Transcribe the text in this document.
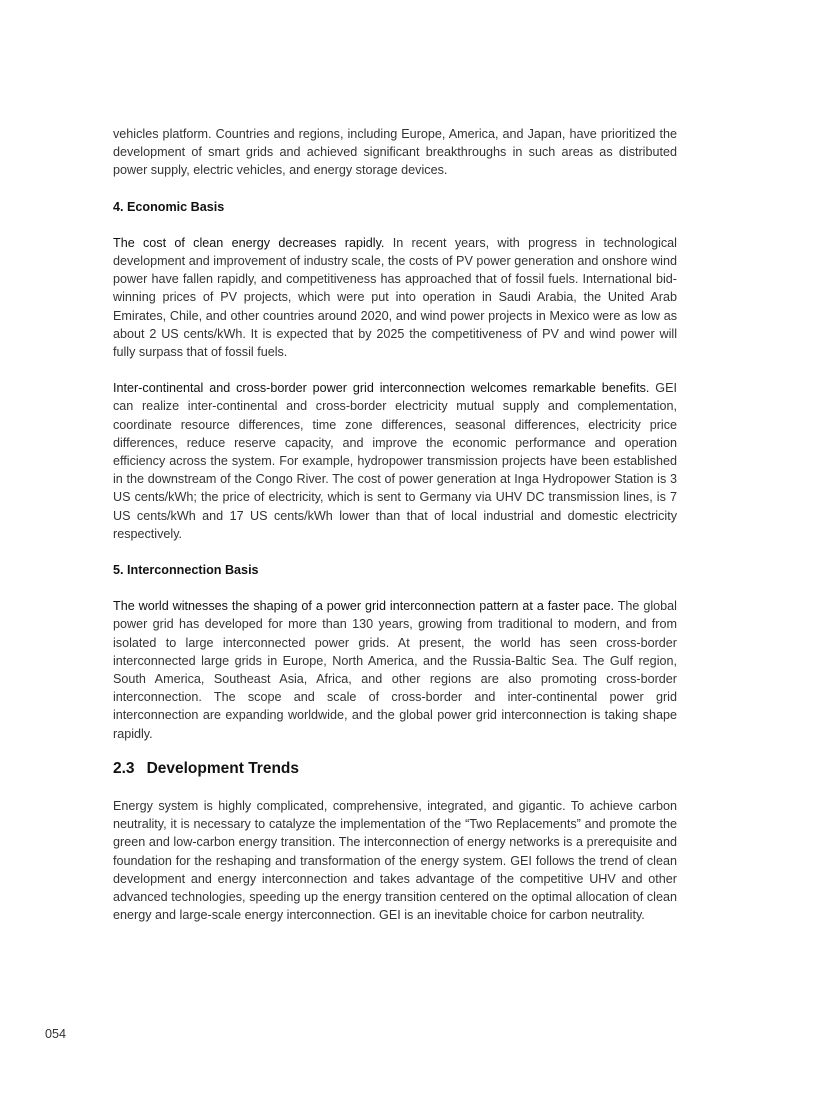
vehicles platform. Countries and regions, including Europe, America, and Japan, have prioritized the development of smart grids and achieved significant breakthroughs in such areas as distributed power supply, electric vehicles, and energy storage devices.

4. Economic Basis

The cost of clean energy decreases rapidly. In recent years, with progress in technological development and improvement of industry scale, the costs of PV power generation and onshore wind power have fallen rapidly, and competitiveness has approached that of fossil fuels. International bid-winning prices of PV projects, which were put into operation in Saudi Arabia, the United Arab Emirates, Chile, and other countries around 2020, and wind power projects in Mexico were as low as about 2 US cents/kWh. It is expected that by 2025 the competitiveness of PV and wind power will fully surpass that of fossil fuels.

Inter-continental and cross-border power grid interconnection welcomes remarkable benefits. GEI can realize inter-continental and cross-border electricity mutual supply and complementation, coordinate resource differences, time zone differences, seasonal differences, electricity price differences, reduce reserve capacity, and improve the economic performance and operation efficiency across the system. For example, hydropower transmission projects have been established in the downstream of the Congo River. The cost of power generation at Inga Hydropower Station is 3 US cents/kWh; the price of electricity, which is sent to Germany via UHV DC transmission lines, is 7 US cents/kWh and 17 US cents/kWh lower than that of local industrial and domestic electricity respectively.

5. Interconnection Basis

The world witnesses the shaping of a power grid interconnection pattern at a faster pace. The global power grid has developed for more than 130 years, growing from traditional to modern, and from isolated to large interconnected power grids. At present, the world has seen cross-border interconnected large grids in Europe, North America, and the Russia-Baltic Sea. The Gulf region, South America, Southeast Asia, Africa, and other regions are also promoting cross-border interconnection. The scope and scale of cross-border and inter-continental power grid interconnection are expanding worldwide, and the global power grid interconnection is taking shape rapidly.

2.3 Development Trends

Energy system is highly complicated, comprehensive, integrated, and gigantic. To achieve carbon neutrality, it is necessary to catalyze the implementation of the “Two Replacements” and promote the green and low-carbon energy transition. The interconnection of energy networks is a prerequisite and foundation for the reshaping and transformation of the energy system. GEI follows the trend of clean development and energy interconnection and takes advantage of the competitive UHV and other advanced technologies, speeding up the energy transition centered on the optimal allocation of clean energy and large-scale energy interconnection. GEI is an inevitable choice for carbon neutrality.

054
